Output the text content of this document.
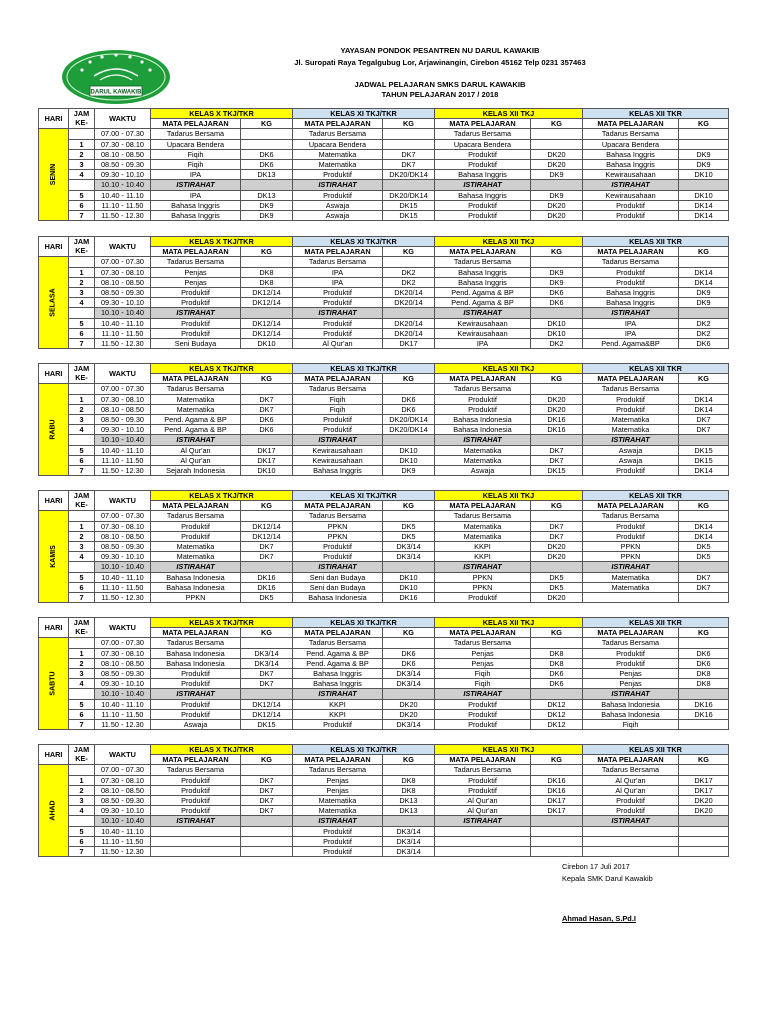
DARUL KAWAKIB
YAYASAN PONDOK PESANTREN NU DARUL KAWAKIB
Jl. Suropati Raya Tegalgubug Lor, Arjawinangin, Cirebon 45162 Telp 0231 357463
JADWAL PELAJARAN SMKS DARUL KAWAKIB
TAHUN PELAJARAN 2017 / 2018
HARI	JAM
KE-	WAKTU	KELAS X TKJ/TKR		KELAS XI TKJ/TKR		KELAS XII TKJ		KELAS XII TKR	
			MATA PELAJARAN	KG	MATA PELAJARAN	KG	MATA PELAJARAN	KG	MATA PELAJARAN	KG
SENIN		07.00 - 07.30	Tadarus Bersama		Tadarus Bersama		Tadarus Bersama		Tadarus Bersama	
	1	07.30 - 08.10	Upacara Bendera		Upacara Bendera		Upacara Bendera		Upacara Bendera	
	2	08.10 - 08.50	Fiqih	DK6	Matematika	DK7	Produktif	DK20	Bahasa Inggris	DK9
	3	08.50 - 09.30	Fiqih	DK6	Matematika	DK7	Produktif	DK20	Bahasa Inggris	DK9
	4	09.30 - 10.10	IPA	DK13	Produktif	DK20/DK14	Bahasa Inggris	DK9	Kewirausahaan	DK10
		10.10 - 10.40	ISTIRAHAT		ISTIRAHAT		ISTIRAHAT		ISTIRAHAT	
	5	10.40 - 11.10	IPA	DK13	Produktif	DK20/DK14	Bahasa Inggris	DK9	Kewirausahaan	DK10
	6	11.10 - 11.50	Bahasa Inggris	DK9	Aswaja	DK15	Produktif	DK20	Produktif	DK14
	7	11.50 - 12.30	Bahasa Inggris	DK9	Aswaja	DK15	Produktif	DK20	Produktif	DK14
HARI	JAM
KE-	WAKTU	KELAS X TKJ/TKR		KELAS XI TKJ/TKR		KELAS XII TKJ		KELAS XII TKR	
			MATA PELAJARAN	KG	MATA PELAJARAN	KG	MATA PELAJARAN	KG	MATA PELAJARAN	KG
SELASA		07.00 - 07.30	Tadarus Bersama		Tadarus Bersama		Tadarus Bersama		Tadarus Bersama	
	1	07.30 - 08.10	Penjas	DK8	IPA	DK2	Bahasa Inggris	DK9	Produktif	DK14
	2	08.10 - 08.50	Penjas	DK8	IPA	DK2	Bahasa Inggris	DK9	Produktif	DK14
	3	08.50 - 09.30	Produktif	DK12/14	Produktif	DK20/14	Pend. Agama & BP	DK6	Bahasa Inggris	DK9
	4	09.30 - 10.10	Produktif	DK12/14	Produktif	DK20/14	Pend. Agama & BP	DK6	Bahasa Inggris	DK9
		10.10 - 10.40	ISTIRAHAT		ISTIRAHAT		ISTIRAHAT		ISTIRAHAT	
	5	10.40 - 11.10	Produktif	DK12/14	Produktif	DK20/14	Kewirausahaan	DK10	IPA	DK2
	6	11.10 - 11.50	Produktif	DK12/14	Produktif	DK20/14	Kewirausahaan	DK10	IPA	DK2
	7	11.50 - 12.30	Seni Budaya	DK10	Al Qur'an	DK17	IPA	DK2	Pend. Agama&BP	DK6
HARI	JAM
KE-	WAKTU	KELAS X TKJ/TKR		KELAS XI TKJ/TKR		KELAS XII TKJ		KELAS XII TKR	
			MATA PELAJARAN	KG	MATA PELAJARAN	KG	MATA PELAJARAN	KG	MATA PELAJARAN	KG
RABU		07.00 - 07.30	Tadarus Bersama		Tadarus Bersama		Tadarus Bersama		Tadarus Bersama	
	1	07.30 - 08.10	Matematika	DK7	Fiqih	DK6	Produktif	DK20	Produktif	DK14
	2	08.10 - 08.50	Matematika	DK7	Fiqih	DK6	Produktif	DK20	Produktif	DK14
	3	08.50 - 09.30	Pend. Agama & BP	DK6	Produktif	DK20/DK14	Bahasa Indonesia	DK16	Matematika	DK7
	4	09.30 - 10.10	Pend. Agama & BP	DK6	Produktif	DK20/DK14	Bahasa Indonesia	DK16	Matematika	DK7
		10.10 - 10.40	ISTIRAHAT		ISTIRAHAT		ISTIRAHAT		ISTIRAHAT	
	5	10.40 - 11.10	Al Qur'an	DK17	Kewirausahaan	DK10	Matematika	DK7	Aswaja	DK15
	6	11.10 - 11.50	Al Qur'an	DK17	Kewirausahaan	DK10	Matematika	DK7	Aswaja	DK15
	7	11.50 - 12.30	Sejarah Indonesia	DK10	Bahasa Inggris	DK9	Aswaja	DK15	Produktif	DK14
HARI	JAM
KE-	WAKTU	KELAS X TKJ/TKR		KELAS XI TKJ/TKR		KELAS XII TKJ		KELAS XII TKR	
			MATA PELAJARAN	KG	MATA PELAJARAN	KG	MATA PELAJARAN	KG	MATA PELAJARAN	KG
KAMIS		07.00 - 07.30	Tadarus Bersama		Tadarus Bersama		Tadarus Bersama		Tadarus Bersama	
	1	07.30 - 08.10	Produktif	DK12/14	PPKN	DK5	Matematika	DK7	Produktif	DK14
	2	08.10 - 08.50	Produktif	DK12/14	PPKN	DK5	Matematika	DK7	Produktif	DK14
	3	08.50 - 09.30	Matematika	DK7	Produktif	DK3/14	KKPI	DK20	PPKN	DK5
	4	09.30 - 10.10	Matematika	DK7	Produktif	DK3/14	KKPI	DK20	PPKN	DK5
		10.10 - 10.40	ISTIRAHAT		ISTIRAHAT		ISTIRAHAT		ISTIRAHAT	
	5	10.40 - 11.10	Bahasa Indonesia	DK16	Seni dan Budaya	DK10	PPKN	DK5	Matematika	DK7
	6	11.10 - 11.50	Bahasa Indonesia	DK16	Seni dan Budaya	DK10	PPKN	DK5	Matematika	DK7
	7	11.50 - 12.30	PPKN	DK5	Bahasa Indonesia	DK16	Produktif	DK20		
HARI	JAM
KE-	WAKTU	KELAS X TKJ/TKR		KELAS XI TKJ/TKR		KELAS XII TKJ		KELAS XII TKR	
			MATA PELAJARAN	KG	MATA PELAJARAN	KG	MATA PELAJARAN	KG	MATA PELAJARAN	KG
SABTU		07.00 - 07.30	Tadarus Bersama		Tadarus Bersama		Tadarus Bersama		Tadarus Bersama	
	1	07.30 - 08.10	Bahasa Indonesia	DK3/14	Pend. Agama & BP	DK6	Penjas	DK8	Produktif	DK6
	2	08.10 - 08.50	Bahasa Indonesia	DK3/14	Pend. Agama & BP	DK6	Penjas	DK8	Produktif	DK6
	3	08.50 - 09.30	Produktif	DK7	Bahasa Inggris	DK3/14	Fiqih	DK6	Penjas	DK8
	4	09.30 - 10.10	Produktif	DK7	Bahasa Inggris	DK3/14	Fiqih	DK6	Penjas	DK8
		10.10 - 10.40	ISTIRAHAT		ISTIRAHAT		ISTIRAHAT		ISTIRAHAT	
	5	10.40 - 11.10	Produktif	DK12/14	KKPI	DK20	Produktif	DK12	Bahasa Indonesia	DK16
	6	11.10 - 11.50	Produktif	DK12/14	KKPI	DK20	Produktif	DK12	Bahasa Indonesia	DK16
	7	11.50 - 12.30	Aswaja	DK15	Produktif	DK3/14	Produktif	DK12	Fiqih	
HARI	JAM
KE-	WAKTU	KELAS X TKJ/TKR		KELAS XI TKJ/TKR		KELAS XII TKJ		KELAS XII TKR	
			MATA PELAJARAN	KG	MATA PELAJARAN	KG	MATA PELAJARAN	KG	MATA PELAJARAN	KG
AHAD		07.00 - 07.30	Tadarus Bersama		Tadarus Bersama		Tadarus Bersama		Tadarus Bersama	
	1	07.30 - 08.10	Produktif	DK7	Penjas	DK8	Produktif	DK16	Al Qur'an	DK17
	2	08.10 - 08.50	Produktif	DK7	Penjas	DK8	Produktif	DK16	Al Qur'an	DK17
	3	08.50 - 09.30	Produktif	DK7	Matematika	DK13	Al Qur'an	DK17	Produktif	DK20
	4	09.30 - 10.10	Produktif	DK7	Matematika	DK13	Al Qur'an	DK17	Produktif	DK20
		10.10 - 10.40	ISTIRAHAT		ISTIRAHAT		ISTIRAHAT		ISTIRAHAT	
	5	10.40 - 11.10			Produktif	DK3/14				
	6	11.10 - 11.50			Produktif	DK3/14				
	7	11.50 - 12.30			Produktif	DK3/14				
Cirebon 17 Juli 2017
Kepala SMK Darul Kawakib
Ahmad Hasan, S.Pd.I
